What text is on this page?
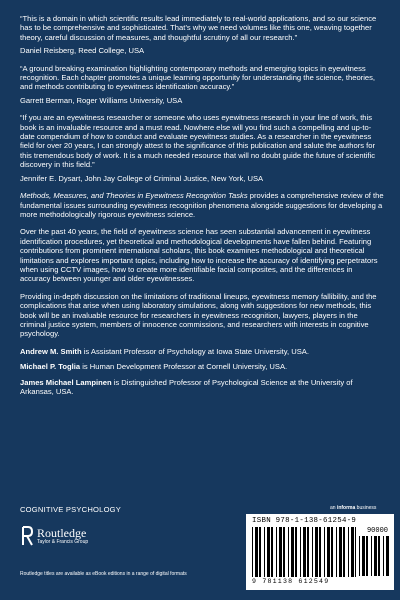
“This is a domain in which scientific results lead immediately to real-world applications, and so our science has to be comprehensive and sophisticated. That’s why we need volumes like this one, weaving together theory, careful discussion of measures, and thoughtful scrutiny of all our research.”

Daniel Reisberg, Reed College, USA

“A ground breaking examination highlighting contemporary methods and emerging topics in eyewitness recognition. Each chapter promotes a unique learning opportunity for understanding the science, theories, and methods contributing to eyewitness identification accuracy.”

Garrett Berman, Roger Williams University, USA

“If you are an eyewitness researcher or someone who uses eyewitness research in your line of work, this book is an invaluable resource and a must read. Nowhere else will you find such a compelling and up-to-date compendium of how to conduct and evaluate eyewitness studies. As a researcher in the eyewitness field for over 20 years, I can strongly attest to the significance of this publication and salute the authors for this tremendous body of work. It is a much needed resource that will no doubt guide the future of scientific discovery in this field.”

Jennifer E. Dysart, John Jay College of Criminal Justice, New York, USA

Methods, Measures, and Theories in Eyewitness Recognition Tasks provides a comprehensive review of the fundamental issues surrounding eyewitness recognition phenomena alongside suggestions for developing a more methodologically rigorous eyewitness science.

Over the past 40 years, the field of eyewitness science has seen substantial advancement in eyewitness identification procedures, yet theoretical and methodological developments have fallen behind. Featuring contributions from prominent international scholars, this book examines methodological and theoretical limitations and explores important topics, including how to increase the accuracy of identifying perpetrators when using CCTV images, how to create more identifiable facial composites, and the differences in accuracy between younger and older eyewitnesses.

Providing in-depth discussion on the limitations of traditional lineups, eyewitness memory fallibility, and the complications that arise when using laboratory simulations, along with suggestions for new methods, this book will be an invaluable resource for researchers in eyewitness recognition, lawyers, players in the criminal justice system, members of innocence commissions, and researchers with interests in cognitive psychology.

Andrew M. Smith is Assistant Professor of Psychology at Iowa State University, USA.

Michael P. Toglia is Human Development Professor at Cornell University, USA.

James Michael Lampinen is Distinguished Professor of Psychological Science at the University of Arkansas, USA.

COGNITIVE PSYCHOLOGY	an informa business
Routledge
Taylor & Francis Group
Routledge titles are available as eBook editions in a range of digital formats
ISBN 978-1-138-61254-9
90000
9 781138 612549
